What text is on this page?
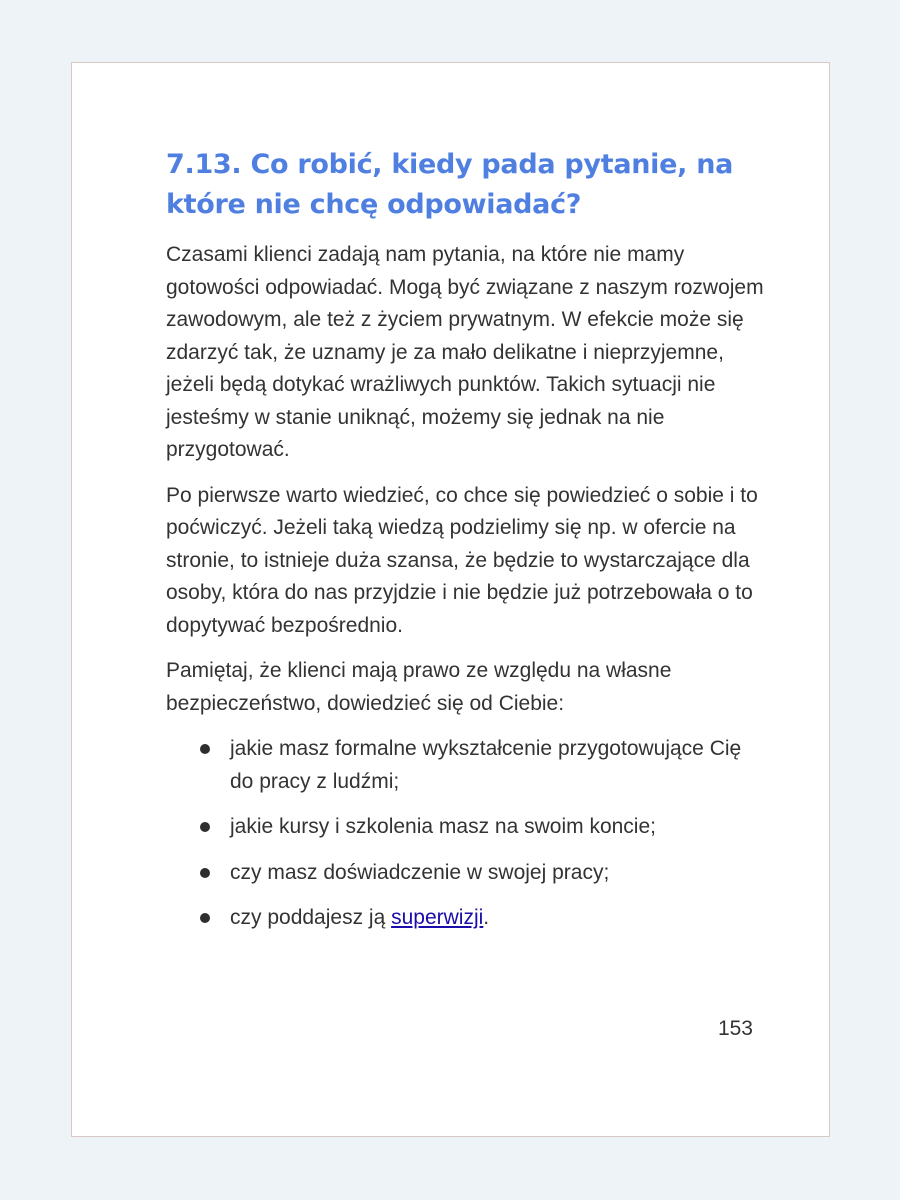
7.13. Co robić, kiedy pada pytanie, na które nie chcę odpowiadać?

Czasami klienci zadają nam pytania, na które nie mamy gotowości odpowiadać. Mogą być związane z naszym rozwojem zawodowym, ale też z życiem prywatnym. W efekcie może się zdarzyć tak, że uznamy je za mało delikatne i nieprzyjemne, jeżeli będą dotykać wrażliwych punktów. Takich sytuacji nie jesteśmy w stanie uniknąć, możemy się jednak na nie przygotować.

Po pierwsze warto wiedzieć, co chce się powiedzieć o sobie i to poćwiczyć. Jeżeli taką wiedzą podzielimy się np. w ofercie na stronie, to istnieje duża szansa, że będzie to wystarczające dla osoby, która do nas przyjdzie i nie będzie już potrzebowała o to dopytywać bezpośrednio.

Pamiętaj, że klienci mają prawo ze względu na własne bezpieczeństwo, dowiedzieć się od Ciebie:

jakie masz formalne wykształcenie przygotowujące Cię do pracy z ludźmi;
jakie kursy i szkolenia masz na swoim koncie;
czy masz doświadczenie w swojej pracy;
czy poddajesz ją superwizji.
153
